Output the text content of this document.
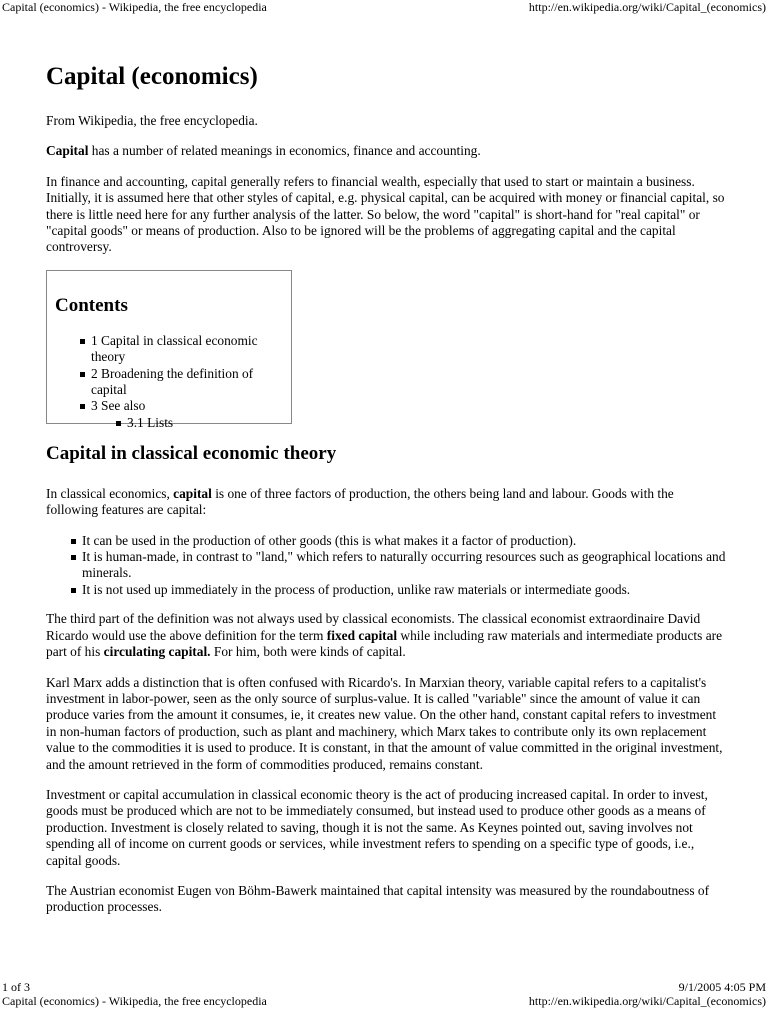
Capital (economics) - Wikipedia, the free encyclopedia	http://en.wikipedia.org/wiki/Capital_(economics)
Capital (economics)

From Wikipedia, the free encyclopedia.

Capital has a number of related meanings in economics, finance and accounting.

In finance and accounting, capital generally refers to financial wealth, especially that used to start or maintain a business. Initially, it is assumed here that other styles of capital, e.g. physical capital, can be acquired with money or financial capital, so there is little need here for any further analysis of the latter. So below, the word "capital" is short-hand for "real capital" or "capital goods" or means of production. Also to be ignored will be the problems of aggregating capital and the capital controversy.

Contents
1 Capital in classical economic theory
2 Broadening the definition of capital
3 See also
3.1 Lists
Capital in classical economic theory

In classical economics, capital is one of three factors of production, the others being land and labour. Goods with the following features are capital:

It can be used in the production of other goods (this is what makes it a factor of production).
It is human-made, in contrast to "land," which refers to naturally occurring resources such as geographical locations and minerals.
It is not used up immediately in the process of production, unlike raw materials or intermediate goods.

The third part of the definition was not always used by classical economists. The classical economist extraordinaire David Ricardo would use the above definition for the term fixed capital while including raw materials and intermediate products are part of his circulating capital. For him, both were kinds of capital.

Karl Marx adds a distinction that is often confused with Ricardo's. In Marxian theory, variable capital refers to a capitalist's investment in labor-power, seen as the only source of surplus-value. It is called "variable" since the amount of value it can produce varies from the amount it consumes, ie, it creates new value. On the other hand, constant capital refers to investment in non-human factors of production, such as plant and machinery, which Marx takes to contribute only its own replacement value to the commodities it is used to produce. It is constant, in that the amount of value committed in the original investment, and the amount retrieved in the form of commodities produced, remains constant.

Investment or capital accumulation in classical economic theory is the act of producing increased capital. In order to invest, goods must be produced which are not to be immediately consumed, but instead used to produce other goods as a means of production. Investment is closely related to saving, though it is not the same. As Keynes pointed out, saving involves not spending all of income on current goods or services, while investment refers to spending on a specific type of goods, i.e., capital goods.

The Austrian economist Eugen von Böhm-Bawerk maintained that capital intensity was measured by the roundaboutness of production processes.

1 of 3	9/1/2005 4:05 PM
Capital (economics) - Wikipedia, the free encyclopedia	http://en.wikipedia.org/wiki/Capital_(economics)
